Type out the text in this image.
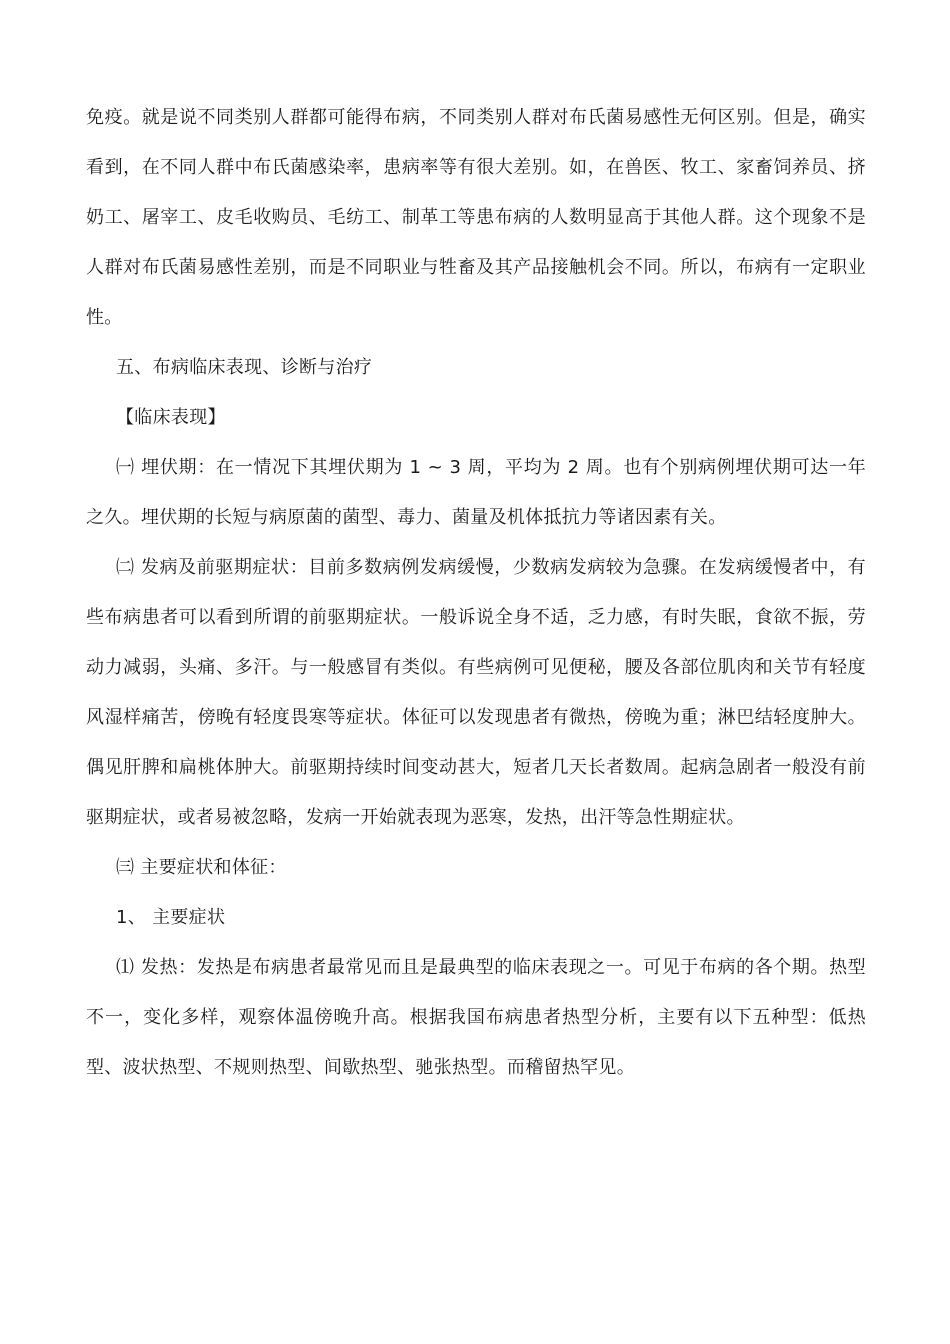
免疫。就是说不同类别人群都可能得布病，不同类别人群对布氏菌易感性无何区别。但是，确实看到，在不同人群中布氏菌感染率，患病率等有很大差别。如，在兽医、牧工、家畜饲养员、挤奶工、屠宰工、皮毛收购员、毛纺工、制革工等患布病的人数明显高于其他人群。这个现象不是人群对布氏菌易感性差别，而是不同职业与牲畜及其产品接触机会不同。所以，布病有一定职业性。

五、布病临床表现、诊断与治疗

【临床表现】

㈠ 埋伏期：在一情况下其埋伏期为 1 ~ 3 周，平均为 2 周。也有个别病例埋伏期可达一年之久。埋伏期的长短与病原菌的菌型、毒力、菌量及机体抵抗力等诸因素有关。

㈡ 发病及前驱期症状：目前多数病例发病缓慢，少数病发病较为急骤。在发病缓慢者中，有些布病患者可以看到所谓的前驱期症状。一般诉说全身不适，乏力感，有时失眠，食欲不振，劳动力减弱，头痛、多汗。与一般感冒有类似。有些病例可见便秘，腰及各部位肌肉和关节有轻度风湿样痛苦，傍晚有轻度畏寒等症状。体征可以发现患者有微热，傍晚为重；淋巴结轻度肿大。偶见肝脾和扁桃体肿大。前驱期持续时间变动甚大，短者几天长者数周。起病急剧者一般没有前驱期症状，或者易被忽略，发病一开始就表现为恶寒，发热，出汗等急性期症状。

㈢ 主要症状和体征：

1、 主要症状

⑴ 发热：发热是布病患者最常见而且是最典型的临床表现之一。可见于布病的各个期。热型不一，变化多样，观察体温傍晚升高。根据我国布病患者热型分析，主要有以下五种型：低热型、波状热型、不规则热型、间歇热型、驰张热型。而稽留热罕见。
